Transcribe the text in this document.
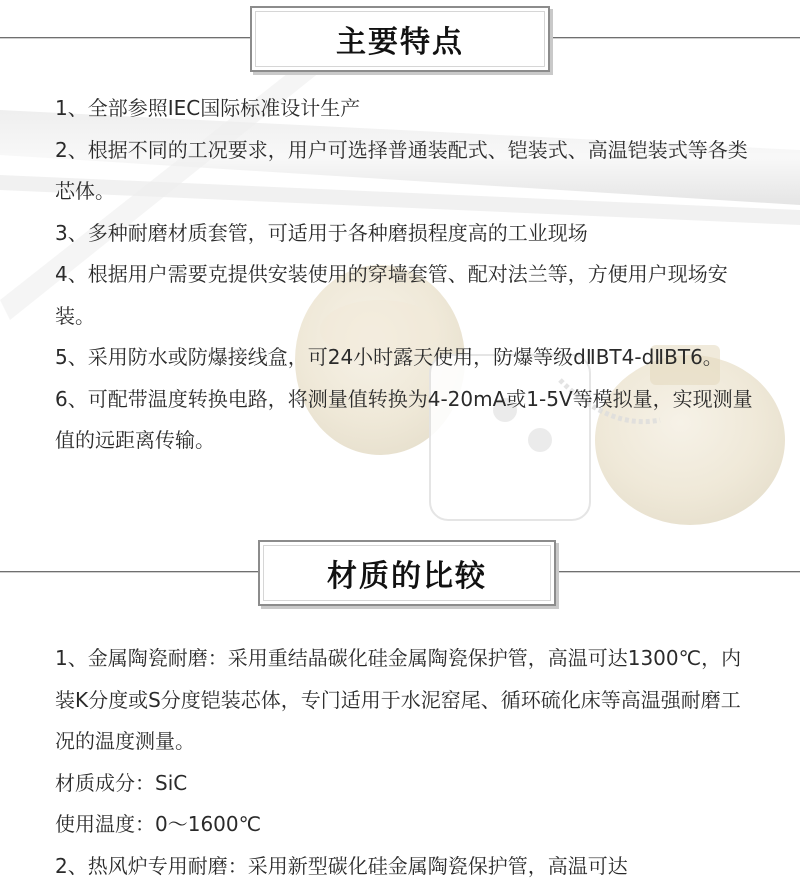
主要特点

1、全部参照IEC国际标准设计生产

2、根据不同的工况要求，用户可选择普通装配式、铠装式、高温铠装式等各类芯体。

3、多种耐磨材质套管，可适用于各种磨损程度高的工业现场

4、根据用户需要克提供安装使用的穿墙套管、配对法兰等，方便用户现场安装。

5、采用防水或防爆接线盒，可24小时露天使用，防爆等级dⅡBT4-dⅡBT6。

6、可配带温度转换电路，将测量值转换为4-20mA或1-5V等模拟量，实现测量值的远距离传输。

材质的比较

1、金属陶瓷耐磨：采用重结晶碳化硅金属陶瓷保护管，高温可达1300℃，内装K分度或S分度铠装芯体，专门适用于水泥窑尾、循环硫化床等高温强耐磨工况的温度测量。

材质成分：SiC

使用温度：0～1600℃

2、热风炉专用耐磨：采用新型碳化硅金属陶瓷保护管，高温可达
